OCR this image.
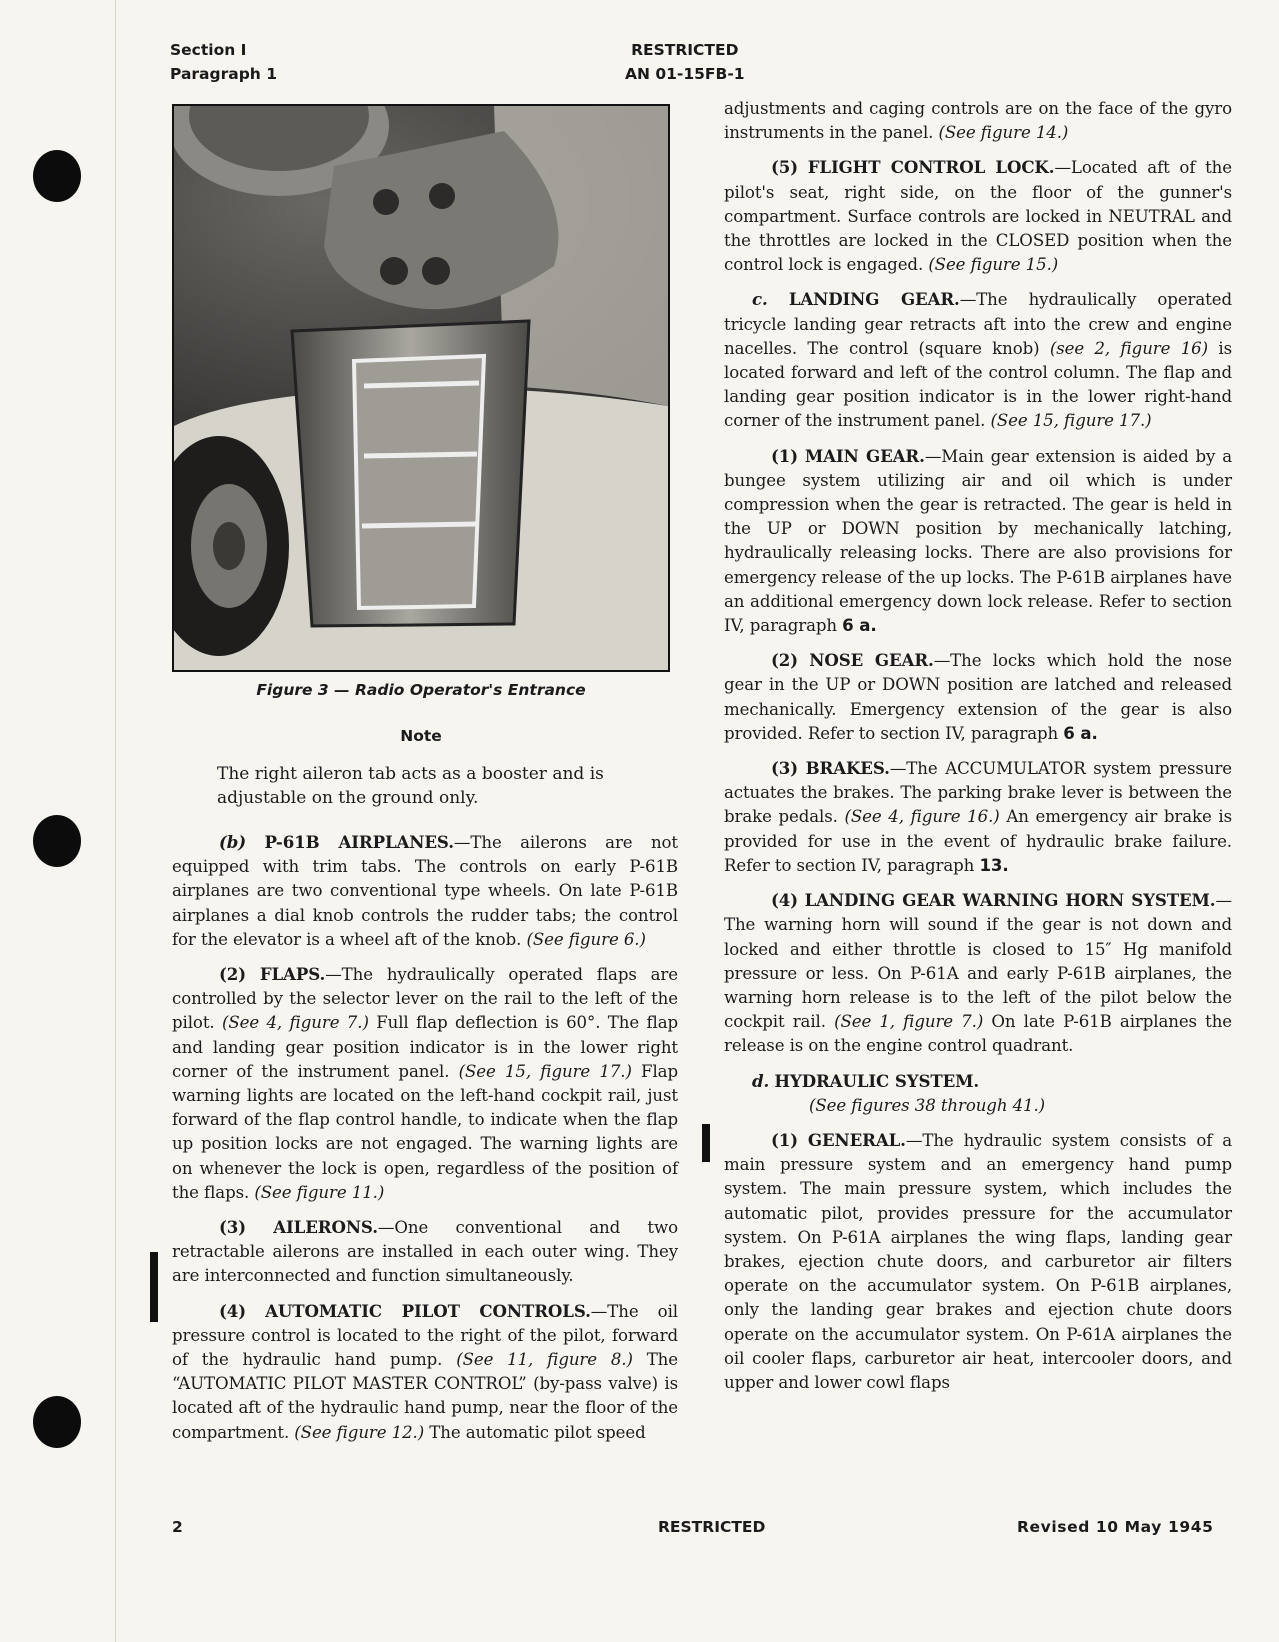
Section I
Paragraph 1
RESTRICTED
AN 01-15FB-1
Figure 3 — Radio Operator's Entrance
Note
The right aileron tab acts as a booster and is adjustable on the ground only.

(b) P-61B AIRPLANES.—The ailerons are not equipped with trim tabs. The controls on early P-61B airplanes are two conventional type wheels. On late P-61B airplanes a dial knob controls the rudder tabs; the control for the elevator is a wheel aft of the knob. (See figure 6.)

(2) FLAPS.—The hydraulically operated flaps are controlled by the selector lever on the rail to the left of the pilot. (See 4, figure 7.) Full flap deflection is 60°. The flap and landing gear position indicator is in the lower right corner of the instrument panel. (See 15, figure 17.) Flap warning lights are located on the left-hand cockpit rail, just forward of the flap control handle, to indicate when the flap up position locks are not engaged. The warning lights are on whenever the lock is open, regardless of the position of the flaps. (See figure 11.)

(3) AILERONS.—One conventional and two retractable ailerons are installed in each outer wing. They are interconnected and function simultaneously.

(4) AUTOMATIC PILOT CONTROLS.—The oil pressure control is located to the right of the pilot, forward of the hydraulic hand pump. (See 11, figure 8.) The “AUTOMATIC PILOT MASTER CONTROL” (by-pass valve) is located aft of the hydraulic hand pump, near the floor of the compartment. (See figure 12.) The automatic pilot speed

adjustments and caging controls are on the face of the gyro instruments in the panel. (See figure 14.)

(5) FLIGHT CONTROL LOCK.—Located aft of the pilot's seat, right side, on the floor of the gunner's compartment. Surface controls are locked in NEUTRAL and the throttles are locked in the CLOSED position when the control lock is engaged. (See figure 15.)

c. LANDING GEAR.—The hydraulically operated tricycle landing gear retracts aft into the crew and engine nacelles. The control (square knob) (see 2, figure 16) is located forward and left of the control column. The flap and landing gear position indicator is in the lower right-hand corner of the instrument panel. (See 15, figure 17.)

(1) MAIN GEAR.—Main gear extension is aided by a bungee system utilizing air and oil which is under compression when the gear is retracted. The gear is held in the UP or DOWN position by mechanically latching, hydraulically releasing locks. There are also provisions for emergency release of the up locks. The P-61B airplanes have an additional emergency down lock release. Refer to section IV, paragraph 6 a.

(2) NOSE GEAR.—The locks which hold the nose gear in the UP or DOWN position are latched and released mechanically. Emergency extension of the gear is also provided. Refer to section IV, paragraph 6 a.

(3) BRAKES.—The ACCUMULATOR system pressure actuates the brakes. The parking brake lever is between the brake pedals. (See 4, figure 16.) An emergency air brake is provided for use in the event of hydraulic brake failure. Refer to section IV, paragraph 13.

(4) LANDING GEAR WARNING HORN SYSTEM.—The warning horn will sound if the gear is not down and locked and either throttle is closed to 15″ Hg manifold pressure or less. On P-61A and early P-61B airplanes, the warning horn release is to the left of the pilot below the cockpit rail. (See 1, figure 7.) On late P-61B airplanes the release is on the engine control quadrant.

d. HYDRAULIC SYSTEM.

(See figures 38 through 41.)

(1) GENERAL.—The hydraulic system consists of a main pressure system and an emergency hand pump system. The main pressure system, which includes the automatic pilot, provides pressure for the accumulator system. On P-61A airplanes the wing flaps, landing gear brakes, ejection chute doors, and carburetor air filters operate on the accumulator system. On P-61B airplanes, only the landing gear brakes and ejection chute doors operate on the accumulator system. On P-61A airplanes the oil cooler flaps, carburetor air heat, intercooler doors, and upper and lower cowl flaps

2	RESTRICTED	Revised 10 May 1945
